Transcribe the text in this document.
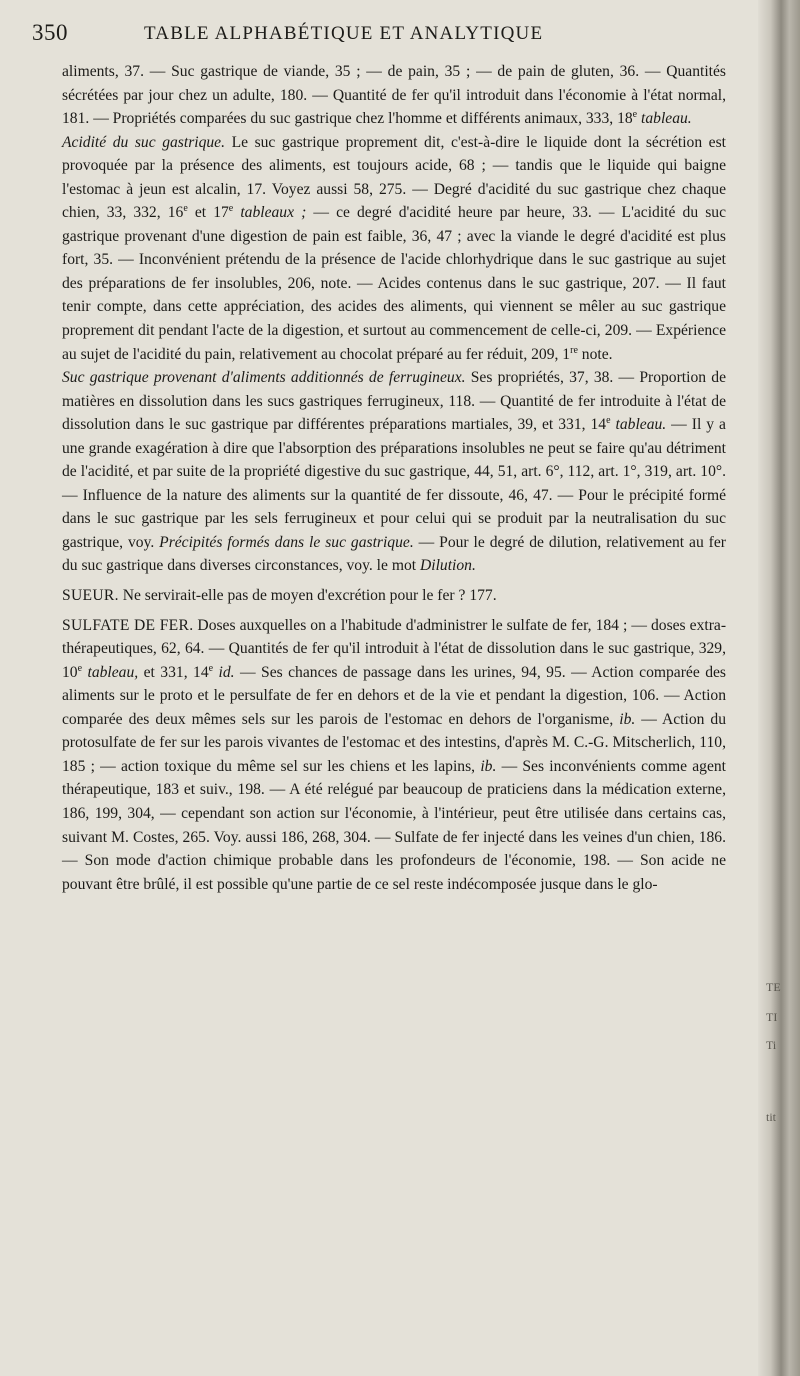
350	TABLE ALPHABÉTIQUE ET ANALYTIQUE

aliments, 37. — Suc gastrique de viande, 35 ; — de pain, 35 ; — de pain de gluten, 36. — Quantités sécrétées par jour chez un adulte, 180. — Quantité de fer qu'il introduit dans l'économie à l'état normal, 181. — Propriétés comparées du suc gastrique chez l'homme et différents animaux, 333, 18e tableau.

Acidité du suc gastrique. Le suc gastrique proprement dit, c'est-à-dire le liquide dont la sécrétion est provoquée par la présence des aliments, est toujours acide, 68 ; — tandis que le liquide qui baigne l'estomac à jeun est alcalin, 17. Voyez aussi 58, 275. — Degré d'acidité du suc gastrique chez chaque chien, 33, 332, 16e et 17e tableaux ; — ce degré d'acidité heure par heure, 33. — L'acidité du suc gastrique provenant d'une digestion de pain est faible, 36, 47 ; avec la viande le degré d'acidité est plus fort, 35. — Inconvénient prétendu de la présence de l'acide chlorhydrique dans le suc gastrique au sujet des préparations de fer insolubles, 206, note. — Acides contenus dans le suc gastrique, 207. — Il faut tenir compte, dans cette appréciation, des acides des aliments, qui viennent se mêler au suc gastrique proprement dit pendant l'acte de la digestion, et surtout au commencement de celle-ci, 209. — Expérience au sujet de l'acidité du pain, relativement au chocolat préparé au fer réduit, 209, 1re note.

Suc gastrique provenant d'aliments additionnés de ferrugineux. Ses propriétés, 37, 38. — Proportion de matières en dissolution dans les sucs gastriques ferrugineux, 118. — Quantité de fer introduite à l'état de dissolution dans le suc gastrique par différentes préparations martiales, 39, et 331, 14e tableau. — Il y a une grande exagération à dire que l'absorption des préparations insolubles ne peut se faire qu'au détriment de l'acidité, et par suite de la propriété digestive du suc gastrique, 44, 51, art. 6°, 112, art. 1°, 319, art. 10°. — Influence de la nature des aliments sur la quantité de fer dissoute, 46, 47. — Pour le précipité formé dans le suc gastrique par les sels ferrugineux et pour celui qui se produit par la neutralisation du suc gastrique, voy. Précipités formés dans le suc gastrique. — Pour le degré de dilution, relativement au fer du suc gastrique dans diverses circonstances, voy. le mot Dilution.

SUEUR. Ne servirait-elle pas de moyen d'excrétion pour le fer ? 177.

SULFATE DE FER. Doses auxquelles on a l'habitude d'administrer le sulfate de fer, 184 ; — doses extra-thérapeutiques, 62, 64. — Quantités de fer qu'il introduit à l'état de dissolution dans le suc gastrique, 329, 10e tableau, et 331, 14e id. — Ses chances de passage dans les urines, 94, 95. — Action comparée des aliments sur le proto et le persulfate de fer en dehors et de la vie et pendant la digestion, 106. — Action comparée des deux mêmes sels sur les parois de l'estomac en dehors de l'organisme, ib. — Action du protosulfate de fer sur les parois vivantes de l'estomac et des intestins, d'après M. C.-G. Mitscherlich, 110, 185 ; — action toxique du même sel sur les chiens et les lapins, ib. — Ses inconvénients comme agent thérapeutique, 183 et suiv., 198. — A été relégué par beaucoup de praticiens dans la médication externe, 186, 199, 304, — cependant son action sur l'économie, à l'intérieur, peut être utilisée dans certains cas, suivant M. Costes, 265. Voy. aussi 186, 268, 304. — Sulfate de fer injecté dans les veines d'un chien, 186. — Son mode d'action chimique probable dans les profondeurs de l'économie, 198. — Son acide ne pouvant être brûlé, il est possible qu'une partie de ce sel reste indécomposée jusque dans le glo-

TE
TI
Ti
tit
